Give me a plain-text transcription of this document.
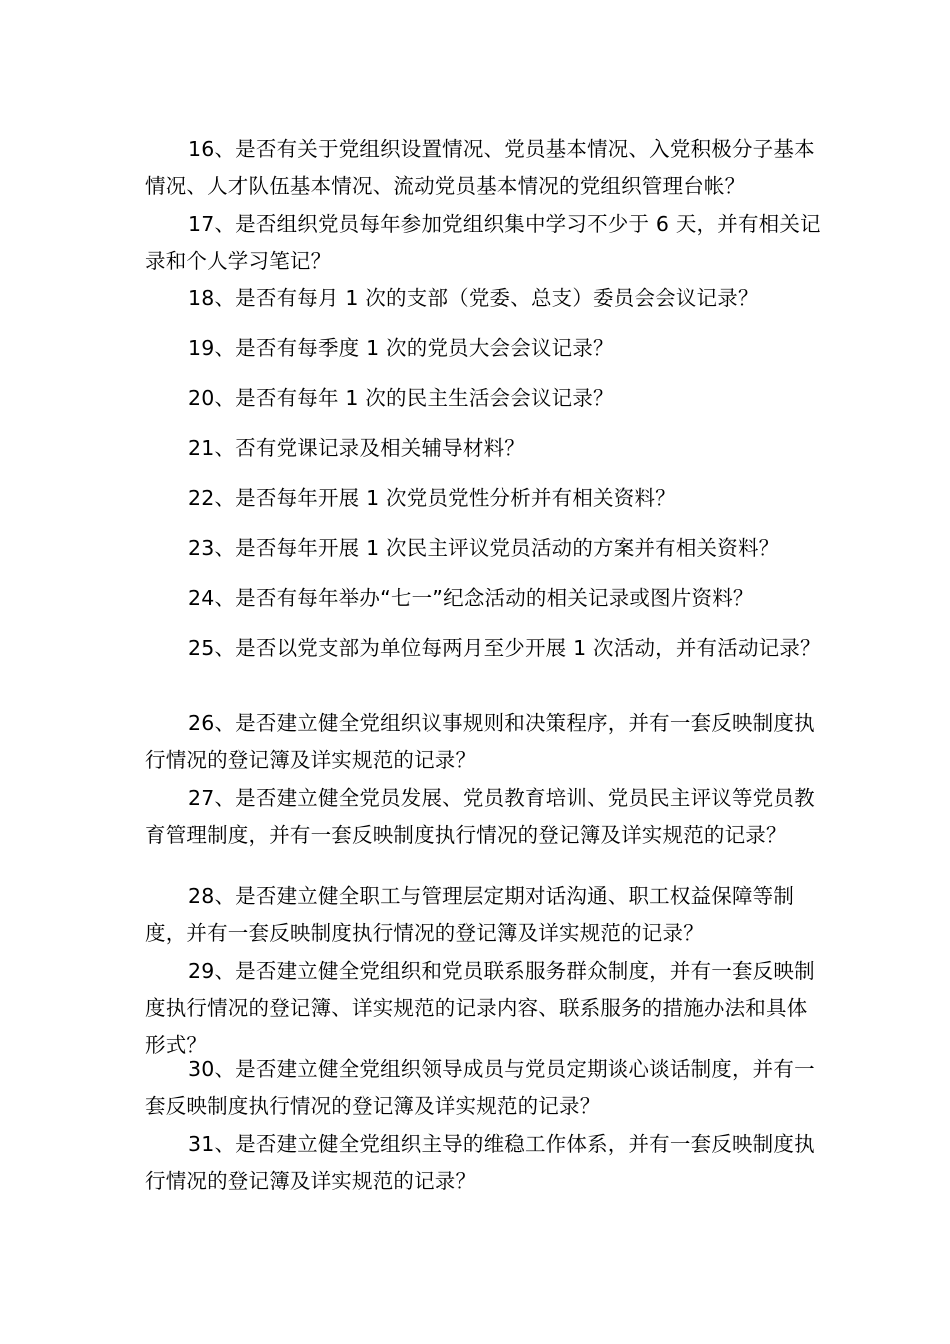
16、是否有关于党组织设置情况、党员基本情况、入党积极分子基本情况、人才队伍基本情况、流动党员基本情况的党组织管理台帐？

17、是否组织党员每年参加党组织集中学习不少于 6 天，并有相关记录和个人学习笔记？

18、是否有每月 1 次的支部（党委、总支）委员会会议记录？

19、是否有每季度 1 次的党员大会会议记录？

20、是否有每年 1 次的民主生活会会议记录？

21、否有党课记录及相关辅导材料？

22、是否每年开展 1 次党员党性分析并有相关资料？

23、是否每年开展 1 次民主评议党员活动的方案并有相关资料？

24、是否有每年举办“七一”纪念活动的相关记录或图片资料？

25、是否以党支部为单位每两月至少开展 1 次活动，并有活动记录？

26、是否建立健全党组织议事规则和决策程序，并有一套反映制度执行情况的登记簿及详实规范的记录？

27、是否建立健全党员发展、党员教育培训、党员民主评议等党员教育管理制度，并有一套反映制度执行情况的登记簿及详实规范的记录？

28、是否建立健全职工与管理层定期对话沟通、职工权益保障等制度，并有一套反映制度执行情况的登记簿及详实规范的记录？

29、是否建立健全党组织和党员联系服务群众制度，并有一套反映制度执行情况的登记簿、详实规范的记录内容、联系服务的措施办法和具体形式？

30、是否建立健全党组织领导成员与党员定期谈心谈话制度，并有一套反映制度执行情况的登记簿及详实规范的记录？

31、是否建立健全党组织主导的维稳工作体系，并有一套反映制度执行情况的登记簿及详实规范的记录？
